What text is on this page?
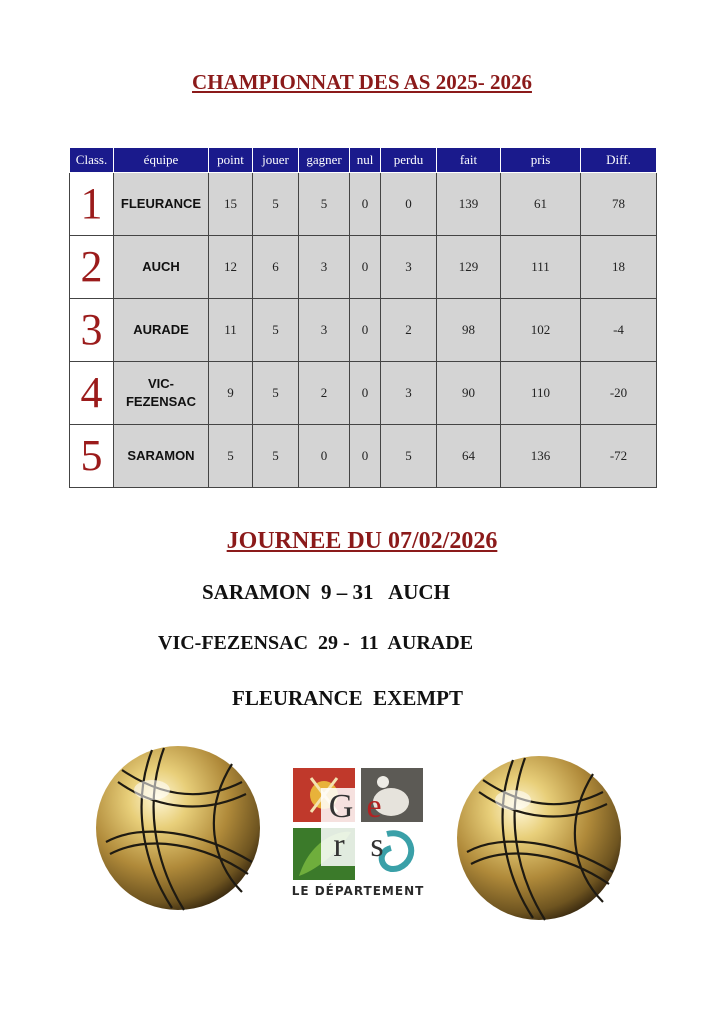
CHAMPIONNAT DES AS 2025- 2026
Class.	équipe	point	jouer	gagner	nul	perdu	fait	pris	Diff.
1	FLEURANCE	15	5	5	0	0	139	61	78
2	AUCH	12	6	3	0	3	129	111	18
3	AURADE	11	5	3	0	2	98	102	-4
4	VIC-FEZENSAC	9	5	2	0	3	90	110	-20
5	SARAMON	5	5	0	0	5	64	136	-72
JOURNEE DU 07/02/2026
SARAMON  9 – 31   AUCH
VIC-FEZENSAC  29 -  11  AURADE
FLEURANCE  EXEMPT
G e
r s
LE DÉPARTEMENT
